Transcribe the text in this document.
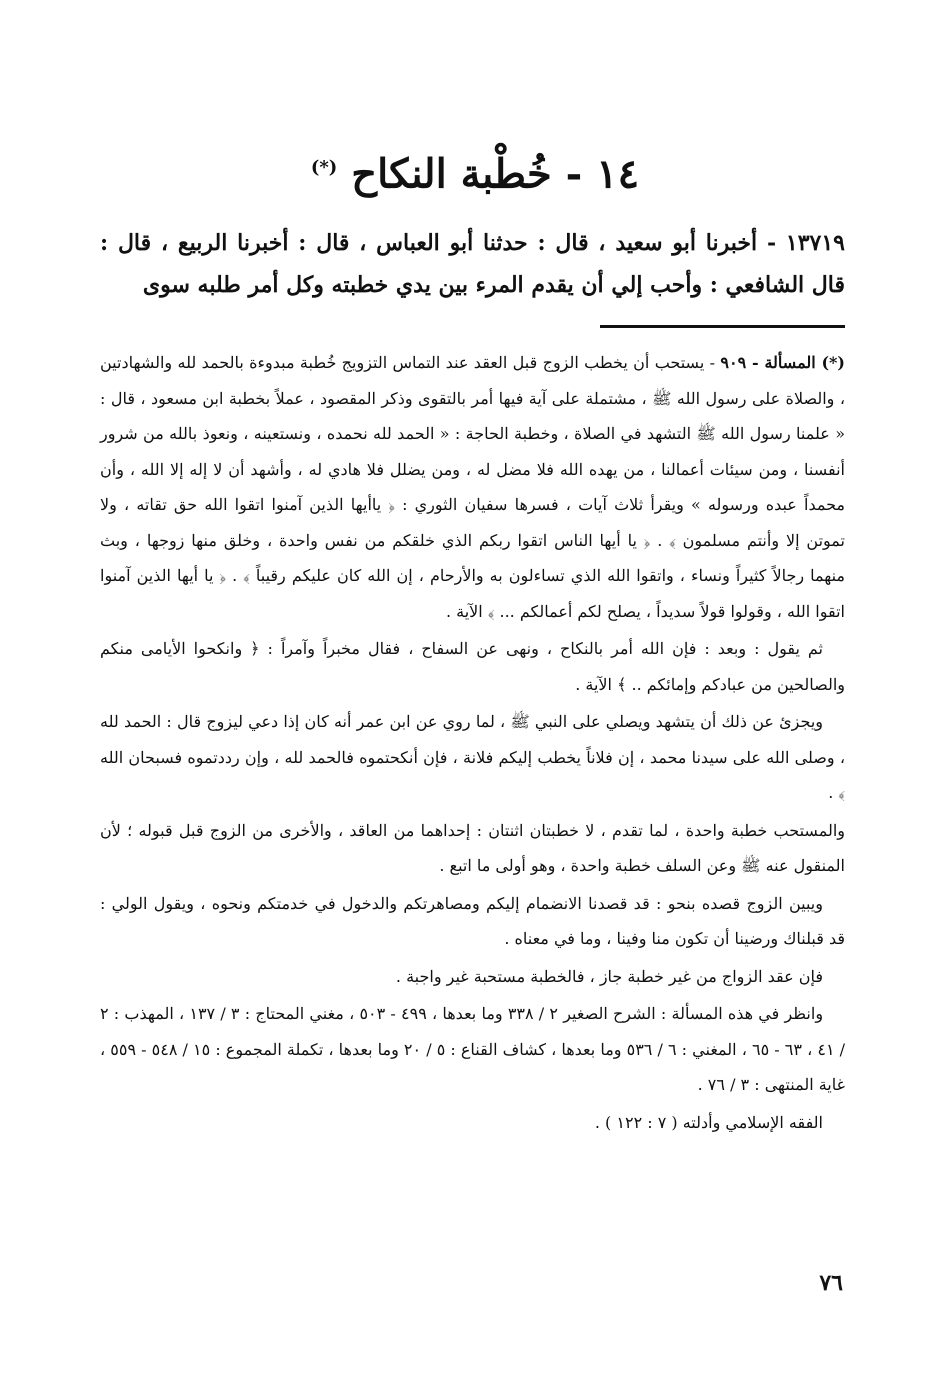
١٤ - خُطْبة النكاح (*)

١٣٧١٩ - أخبرنا أبو سعيد ، قال : حدثنا أبو العباس ، قال : أخبرنا الربيع ، قال : قال الشافعي : وأحب إلي أن يقدم المرء بين يدي خطبته وكل أمر طلبه سوى

(*) المسألة - ٩٠٩ - يستحب أن يخطب الزوج قبل العقد عند التماس التزويج خُطبة مبدوءة بالحمد لله والشهادتين ، والصلاة على رسول الله ﷺ ، مشتملة على آية فيها أمر بالتقوى وذكر المقصود ، عملاً بخطبة ابن مسعود ، قال : « علمنا رسول الله ﷺ التشهد في الصلاة ، وخطبة الحاجة : « الحمد لله نحمده ، ونستعينه ، ونعوذ بالله من شرور أنفسنا ، ومن سيئات أعمالنا ، من يهده الله فلا مضل له ، ومن يضلل فلا هادي له ، وأشهد أن لا إله إلا الله ، وأن محمداً عبده ورسوله » ويقرأ ثلاث آيات ، فسرها سفيان الثوري : ﴿ ياأيها الذين آمنوا اتقوا الله حق تقاته ، ولا تموتن إلا وأنتم مسلمون ﴾ . ﴿ يا أيها الناس اتقوا ربكم الذي خلقكم من نفس واحدة ، وخلق منها زوجها ، وبث منهما رجالاً كثيراً ونساء ، واتقوا الله الذي تساءلون به والأرحام ، إن الله كان عليكم رقيباً ﴾ . ﴿ يا أيها الذين آمنوا اتقوا الله ، وقولوا قولاً سديداً ، يصلح لكم أعمالكم ... ﴾ الآية .

ثم يقول : وبعد : فإن الله أمر بالنكاح ، ونهى عن السفاح ، فقال مخبراً وآمراً : ﴿ وانكحوا الأيامى منكم والصالحين من عبادكم وإمائكم .. ﴾ الآية .

ويجزئ عن ذلك أن يتشهد ويصلي على النبي ﷺ ، لما روي عن ابن عمر أنه كان إذا دعي ليزوج قال : الحمد لله ، وصلى الله على سيدنا محمد ، إن فلاناً يخطب إليكم فلانة ، فإن أنكحتموه فالحمد لله ، وإن رددتموه فسبحان الله ﴾ .

والمستحب خطبة واحدة ، لما تقدم ، لا خطبتان اثنتان : إحداهما من العاقد ، والأخرى من الزوج قبل قبوله ؛ لأن المنقول عنه ﷺ وعن السلف خطبة واحدة ، وهو أولى ما اتبع .

ويبين الزوج قصده بنحو : قد قصدنا الانضمام إليكم ومصاهرتكم والدخول في خدمتكم ونحوه ، ويقول الولي : قد قبلناك ورضينا أن تكون منا وفينا ، وما في معناه .

فإن عقد الزواج من غير خطبة جاز ، فالخطبة مستحبة غير واجبة .

وانظر في هذه المسألة : الشرح الصغير ٢ / ٣٣٨ وما بعدها ، ٤٩٩ - ٥٠٣ ، مغني المحتاج : ٣ / ١٣٧ ، المهذب : ٢ / ٤١ ، ٦٣ - ٦٥ ، المغني : ٦ / ٥٣٦ وما بعدها ، كشاف القناع : ٥ / ٢٠ وما بعدها ، تكملة المجموع : ١٥ / ٥٤٨ - ٥٥٩ ، غاية المنتهى : ٣ / ٧٦ .

الفقه الإسلامي وأدلته ( ٧ : ١٢٢ ) .

٧٦
